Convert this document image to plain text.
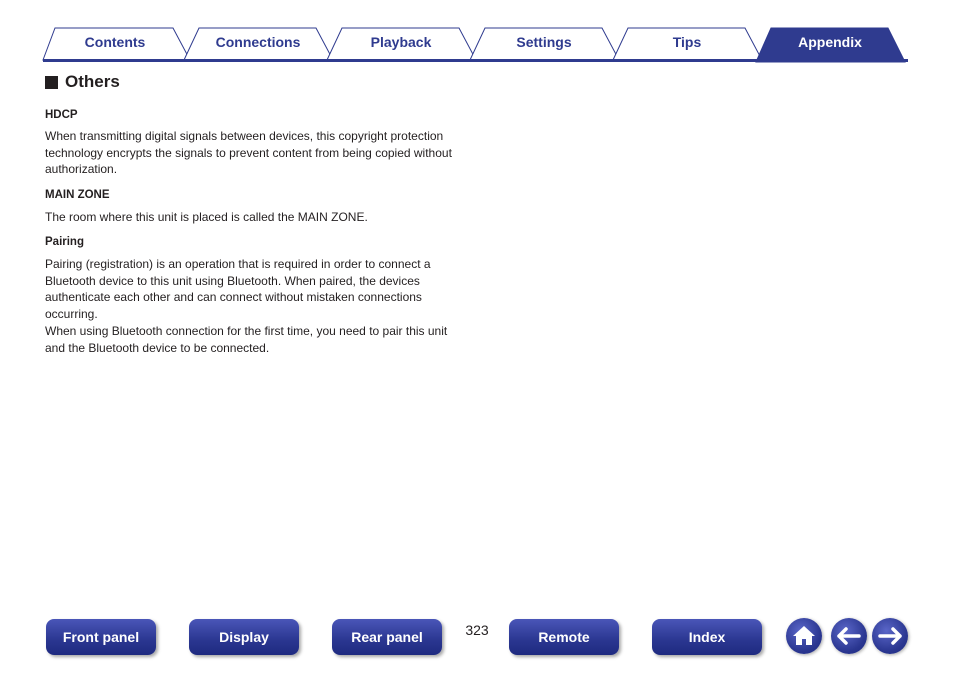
Contents	Connections	Playback	Settings	Tips	Appendix
Others

HDCP

When transmitting digital signals between devices, this copyright protection technology encrypts the signals to prevent content from being copied without authorization.

MAIN ZONE

The room where this unit is placed is called the MAIN ZONE.

Pairing

Pairing (registration) is an operation that is required in order to connect a Bluetooth device to this unit using Bluetooth. When paired, the devices authenticate each other and can connect without mistaken connections occurring.

When using Bluetooth connection for the first time, you need to pair this unit and the Bluetooth device to be connected.

Front panel	Display	Rear panel	323	Remote	Index
